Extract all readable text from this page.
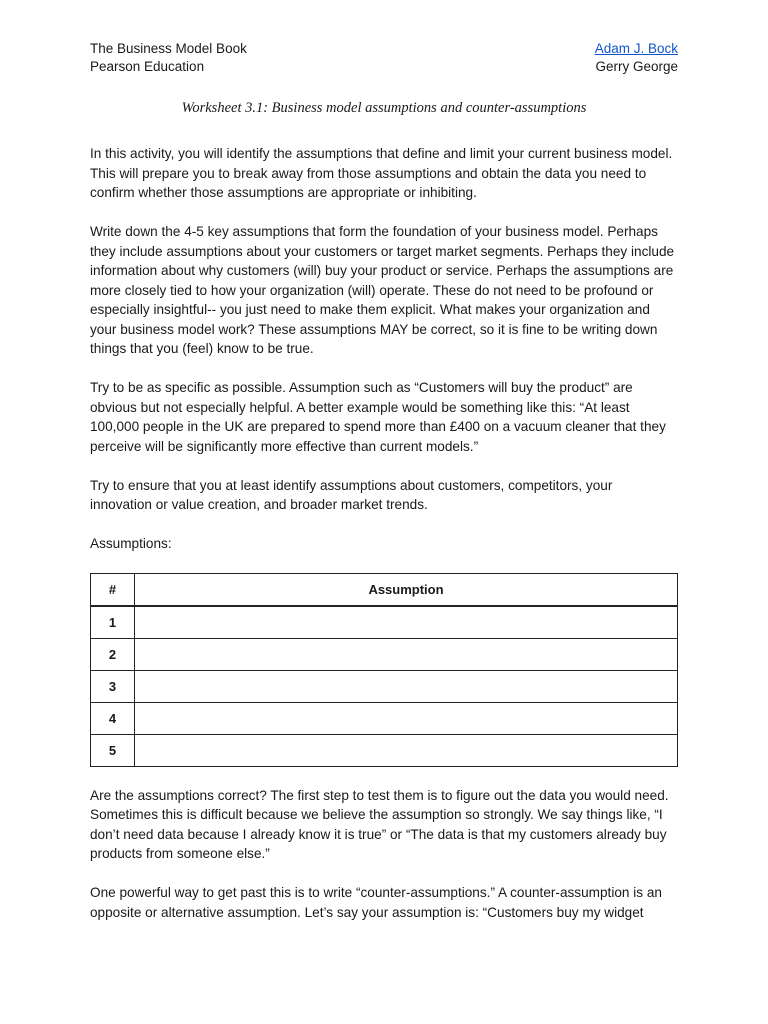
The Business Model Book
Pearson Education
Adam J. Bock
Gerry George
Worksheet 3.1: Business model assumptions and counter-assumptions

In this activity, you will identify the assumptions that define and limit your current business model. This will prepare you to break away from those assumptions and obtain the data you need to confirm whether those assumptions are appropriate or inhibiting.

Write down the 4-5 key assumptions that form the foundation of your business model. Perhaps they include assumptions about your customers or target market segments. Perhaps they include information about why customers (will) buy your product or service. Perhaps the assumptions are more closely tied to how your organization (will) operate. These do not need to be profound or especially insightful-- you just need to make them explicit. What makes your organization and your business model work? These assumptions MAY be correct, so it is fine to be writing down things that you (feel) know to be true.

Try to be as specific as possible. Assumption such as “Customers will buy the product” are obvious but not especially helpful. A better example would be something like this: “At least 100,000 people in the UK are prepared to spend more than £400 on a vacuum cleaner that they perceive will be significantly more effective than current models.”

Try to ensure that you at least identify assumptions about customers, competitors, your innovation or value creation, and broader market trends.

Assumptions:

#	Assumption
1	
2	
3	
4	
5	

Are the assumptions correct? The first step to test them is to figure out the data you would need. Sometimes this is difficult because we believe the assumption so strongly. We say things like, “I don’t need data because I already know it is true” or “The data is that my customers already buy products from someone else.”

One powerful way to get past this is to write “counter-assumptions.” A counter-assumption is an opposite or alternative assumption. Let’s say your assumption is: “Customers buy my widget
